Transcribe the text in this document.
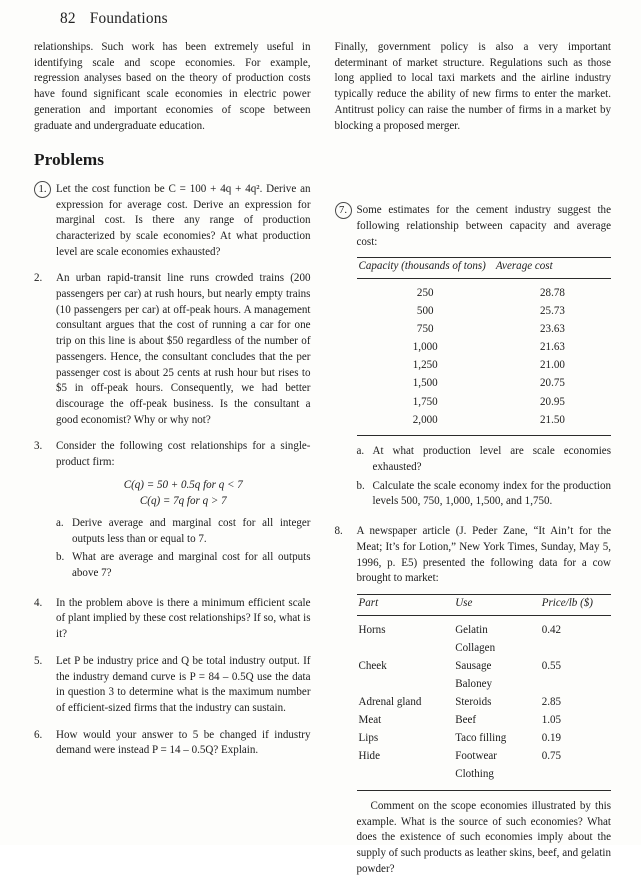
82 Foundations

relationships. Such work has been extremely useful in identifying scale and scope economies. For example, regression analyses based on the theory of production costs have found significant scale economies in electric power generation and important economies of scope between graduate and undergraduate education.

Problems
1. Let the cost function be C = 100 + 4q + 4q². Derive an expression for average cost. Derive an expression for marginal cost. Is there any range of production characterized by scale economies? At what production level are scale economies exhausted?
2.	An urban rapid-transit line runs crowded trains (200 passengers per car) at rush hours, but nearly empty trains (10 passengers per car) at off-peak hours. A management consultant argues that the cost of running a car for one trip on this line is about $50 regardless of the number of passengers. Hence, the consultant concludes that the per passenger cost is about 25 cents at rush hour but rises to $5 in off-peak hours. Consequently, we had better discourage the off-peak business. Is the consultant a good economist? Why or why not?
3.	Consider the following cost relationships for a single-product firm:
C(q) = 50 + 0.5q for q < 7
C(q) = 7q for q > 7
a. Derive average and marginal cost for all integer outputs less than or equal to 7.
b. What are average and marginal cost for all outputs above 7?
4.	In the problem above is there a minimum efficient scale of plant implied by these cost relationships? If so, what is it?
5.	Let P be industry price and Q be total industry output. If the industry demand curve is P = 84 – 0.5Q use the data in question 3 to determine what is the maximum number of efficient-sized firms that the industry can sustain.
6.	How would your answer to 5 be changed if industry demand were instead P = 14 – 0.5Q? Explain.

Finally, government policy is also a very important determinant of market structure. Regulations such as those long applied to local taxi markets and the airline industry typically reduce the ability of new firms to enter the market. Antitrust policy can raise the number of firms in a market by blocking a proposed merger.

7. Some estimates for the cement industry suggest the following relationship between capacity and average cost:
Capacity (thousands of tons)	Average cost
250	28.78
500	25.73
750	23.63
1,000	21.63
1,250	21.00
1,500	20.75
1,750	20.95
2,000	21.50

a. At what production level are scale economies exhausted?
b. Calculate the scale economy index for the production levels 500, 750, 1,000, 1,500, and 1,750.
8.	A newspaper article (J. Peder Zane, “It Ain’t for the Meat; It’s for Lotion,” New York Times, Sunday, May 5, 1996, p. E5) presented the following data for a cow brought to market:
Part	Use	Price/lb ($)
Horns	Gelatin	0.42
	Collagen	
Cheek	Sausage	0.55
	Baloney	
Adrenal gland	Steroids	2.85
Meat	Beef	1.05
Lips	Taco filling	0.19
Hide	Footwear	0.75
	Clothing	

Comment on the scope economies illustrated by this example. What is the source of such economies? What does the existence of such economies imply about the supply of such products as leather skins, beef, and gelatin powder?
